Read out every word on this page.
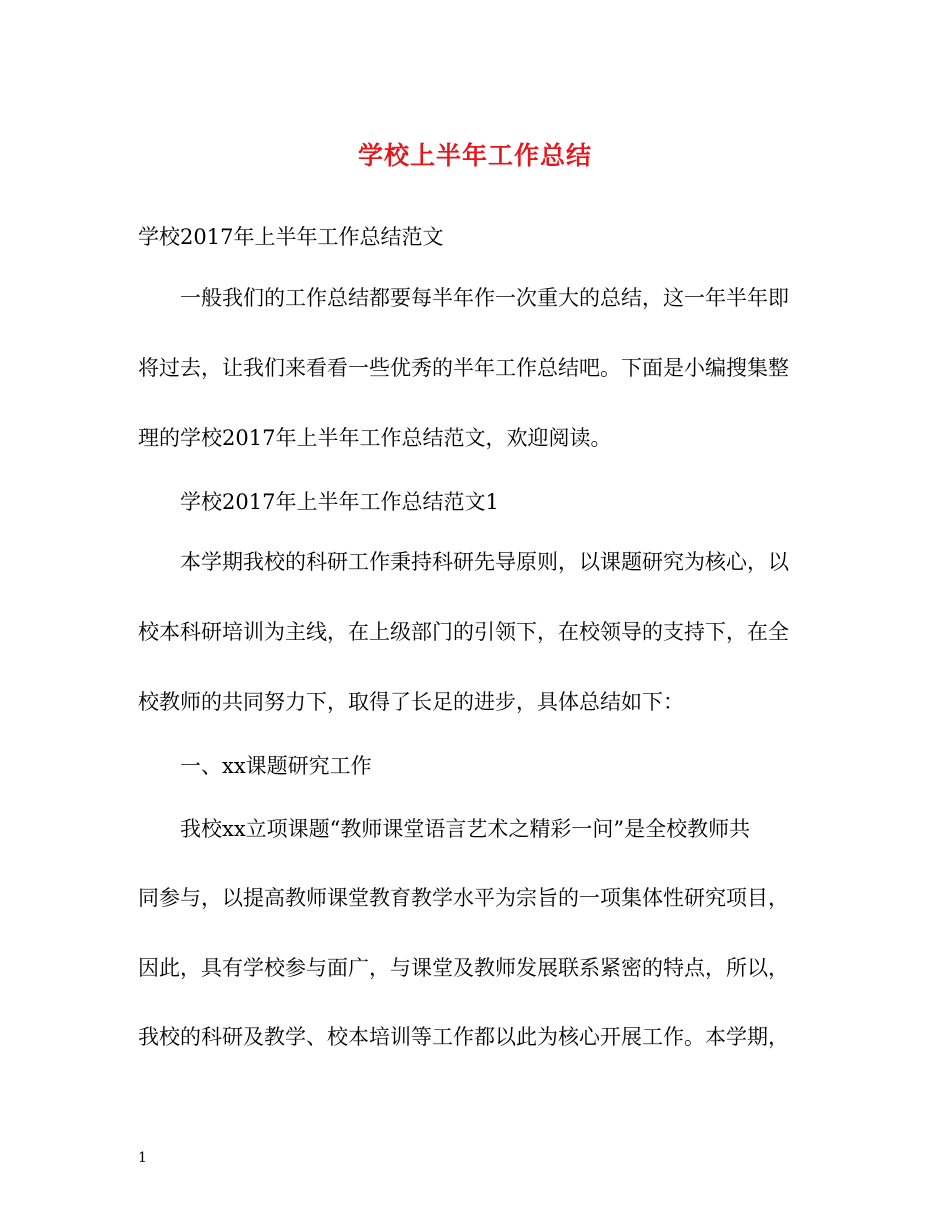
学校上半年工作总结

学校2017年上半年工作总结范文

一般我们的工作总结都要每半年作一次重大的总结，这一年半年即

将过去，让我们来看看一些优秀的半年工作总结吧。下面是小编搜集整

理的学校2017年上半年工作总结范文，欢迎阅读。

学校2017年上半年工作总结范文1

本学期我校的科研工作秉持科研先导原则，以课题研究为核心，以

校本科研培训为主线，在上级部门的引领下，在校领导的支持下，在全

校教师的共同努力下，取得了长足的进步，具体总结如下：

一、xx课题研究工作

我校xx立项课题“教师课堂语言艺术之精彩一问”是全校教师共

同参与，以提高教师课堂教育教学水平为宗旨的一项集体性研究项目，

因此，具有学校参与面广，与课堂及教师发展联系紧密的特点，所以，

我校的科研及教学、校本培训等工作都以此为核心开展工作。本学期，

1
